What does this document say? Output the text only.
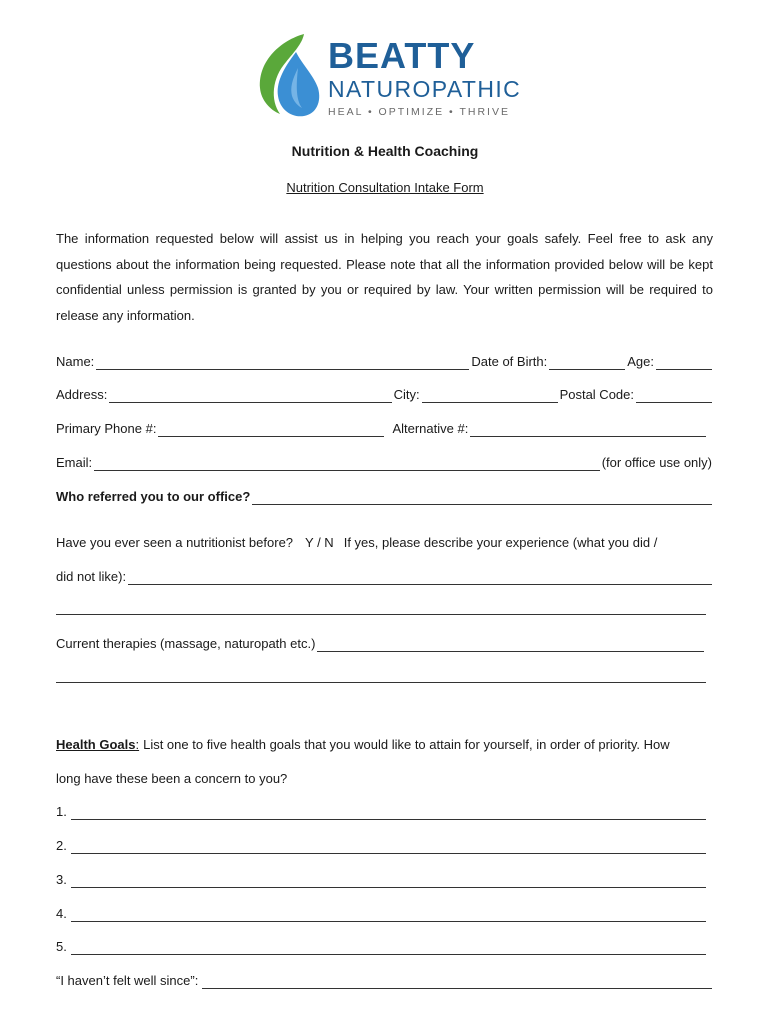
BEATTY
NATUROPATHIC
HEAL • OPTIMIZE • THRIVE
Nutrition & Health Coaching
Nutrition Consultation Intake Form
The information requested below will assist us in helping you reach your goals safely. Feel free to ask any questions about the information being requested. Please note that all the information provided below will be kept confidential unless permission is granted by you or required by law. Your written permission will be required to release any information.
Name:	Date of Birth:	Age:
Address:	City:	Postal Code:
Primary Phone #:	Alternative #:
Email:	(for office use only)
Who referred you to our office?
Have you ever seen a nutritionist before? Y / N If yes, please describe your experience (what you did /
did not like):
Current therapies (massage, naturopath etc.)
Health Goals : List one to five health goals that you would like to attain for yourself, in order of priority. How
long have these been a concern to you?
1.
2.
3.
4.
5.
“I haven’t felt well since”:
